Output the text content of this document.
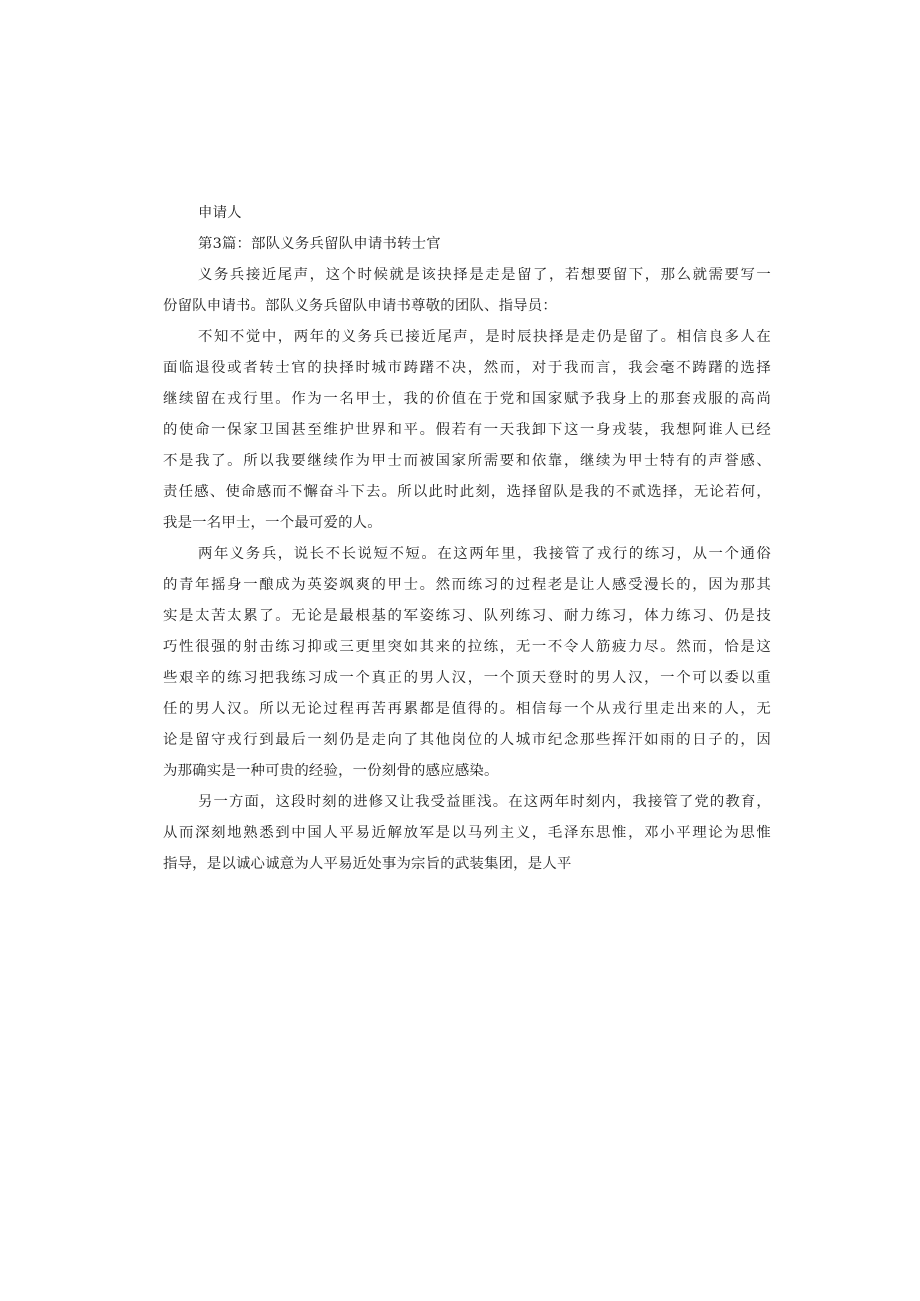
申请人
第3篇：部队义务兵留队申请书转士官
义务兵接近尾声，这个时候就是该抉择是走是留了，若想要留下，那么就需要写一
份留队申请书。部队义务兵留队申请书尊敬的团队、指导员：
不知不觉中，两年的义务兵已接近尾声，是时辰抉择是走仍是留了。相信良多人在
面临退役或者转士官的抉择时城市踌躇不决，然而，对于我而言，我会毫不踌躇的选择
继续留在戎行里。作为一名甲士，我的价值在于党和国家赋予我身上的那套戎服的高尚
的使命一保家卫国甚至维护世界和平。假若有一天我卸下这一身戎装，我想阿谁人已经
不是我了。所以我要继续作为甲士而被国家所需要和依靠，继续为甲士特有的声誉感、
责任感、使命感而不懈奋斗下去。所以此时此刻，选择留队是我的不贰选择，无论若何，
我是一名甲士，一个最可爱的人。
两年义务兵，说长不长说短不短。在这两年里，我接管了戎行的练习，从一个通俗
的青年摇身一酿成为英姿飒爽的甲士。然而练习的过程老是让人感受漫长的，因为那其
实是太苦太累了。无论是最根基的军姿练习、队列练习、耐力练习，体力练习、仍是技
巧性很强的射击练习抑或三更里突如其来的拉练，无一不令人筋疲力尽。然而，恰是这
些艰辛的练习把我练习成一个真正的男人汉，一个顶天登时的男人汉，一个可以委以重
任的男人汉。所以无论过程再苦再累都是值得的。相信每一个从戎行里走出来的人，无
论是留守戎行到最后一刻仍是走向了其他岗位的人城市纪念那些挥汗如雨的日子的，因
为那确实是一种可贵的经验，一份刻骨的感应感染。
另一方面，这段时刻的进修又让我受益匪浅。在这两年时刻内，我接管了党的教育，
从而深刻地熟悉到中国人平易近解放军是以马列主义，毛泽东思惟，邓小平理论为思惟
指导，是以诚心诚意为人平易近处事为宗旨的武装集团，是人平
